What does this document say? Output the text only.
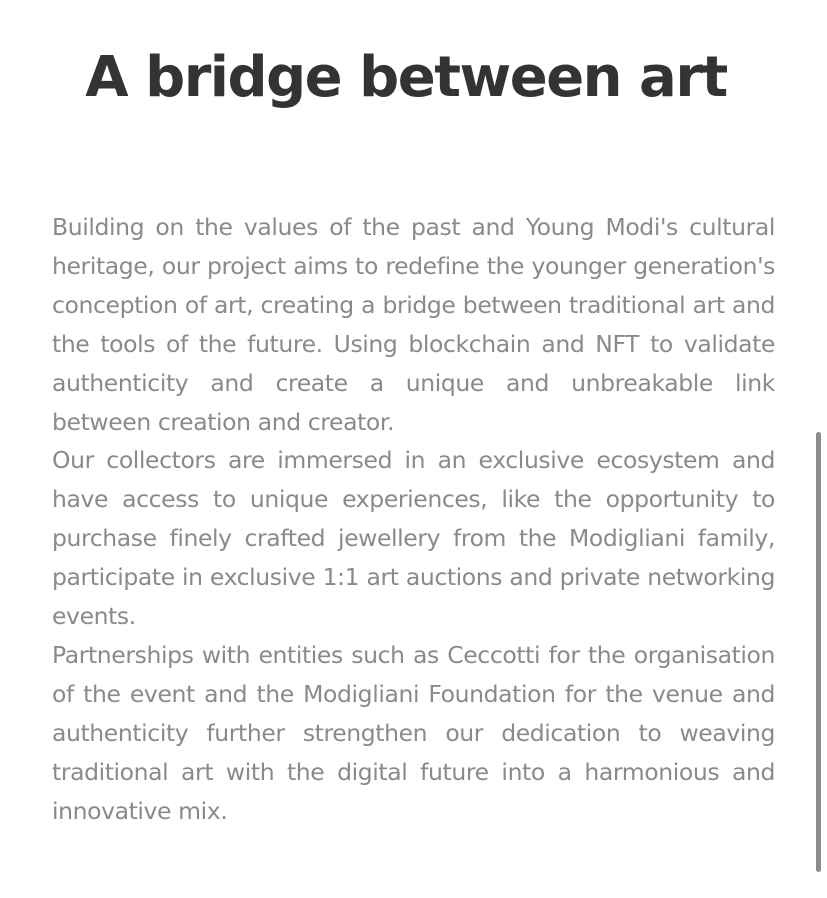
A bridge between art

Building on the values of the past and Young Modi's cultural heritage, our project aims to redefine the younger generation's conception of art, creating a bridge between traditional art and the tools of the future. Using blockchain and NFT to validate authenticity and create a unique and unbreakable link between creation and creator.

Our collectors are immersed in an exclusive ecosystem and have access to unique experiences, like the opportunity to purchase finely crafted jewellery from the Modigliani family, participate in exclusive 1:1 art auctions and private networking events.

Partnerships with entities such as Ceccotti for the organisation of the event and the Modigliani Foundation for the venue and authenticity further strengthen our dedication to weaving traditional art with the digital future into a harmonious and innovative mix.
